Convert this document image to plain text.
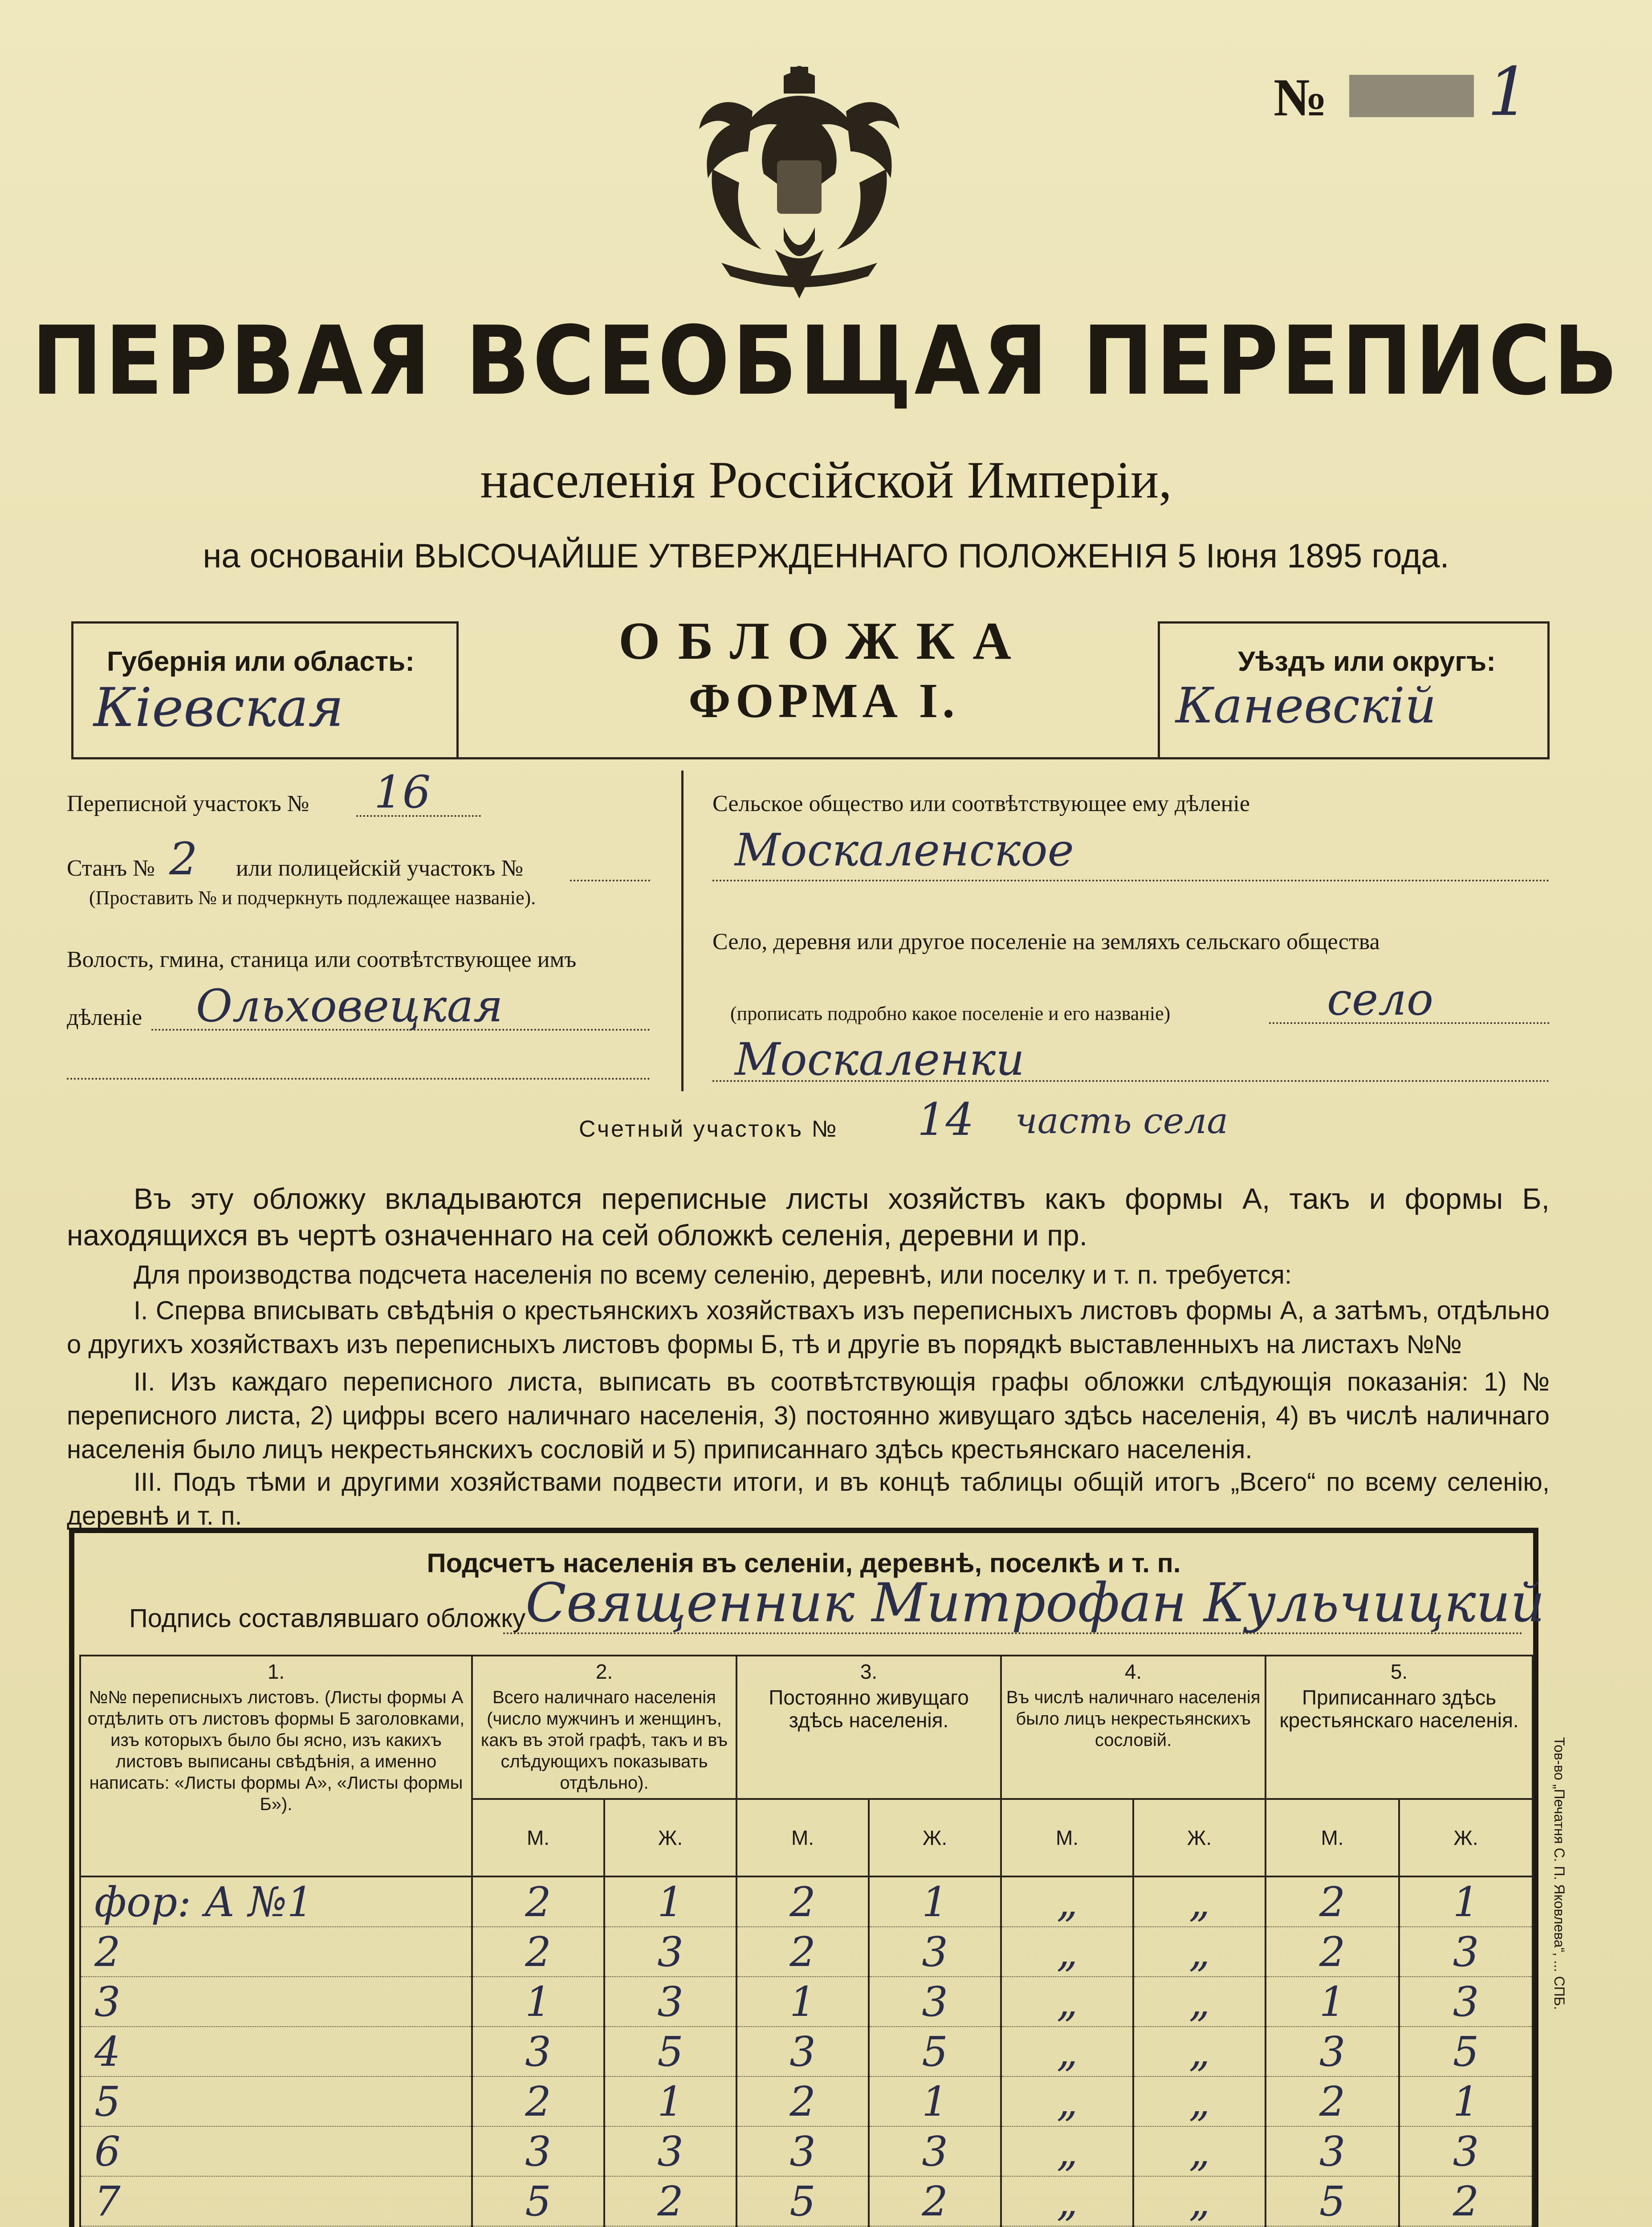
№ 1
ПЕРВАЯ ВСЕОБЩАЯ ПЕРЕПИСЬ
населенія Россійской Имперіи,
на основаніи ВЫСОЧАЙШЕ УТВЕРЖДЕННАГО ПОЛОЖЕНІЯ 5 Іюня 1895 года.
Губернія или область:
Кіевская
ОБЛОЖКА
ФОРМА I.
Уѣздъ или округъ:
Каневскій
Переписной участокъ № 16
Станъ № 2 или полицейскій участокъ №
(Проставить № и подчеркнуть подлежащее названіе).
Волость, гмина, станица или соотвѣтствующее имъ
дѣленіе Ольховецкая
Сельское общество или соотвѣтствующее ему дѣленіе
Москаленское
Село, деревня или другое поселеніе на земляхъ сельскаго общества
(прописать подробно какое поселеніе и его названіе)	село
Москаленки
Счетный участокъ № 14 часть села
Въ эту обложку вкладываются переписные листы хозяйствъ какъ формы А, такъ и формы Б, находящихся въ чертѣ означеннаго на сей обложкѣ селенія, деревни и пр.
Для производства подсчета населенія по всему селенію, деревнѣ, или поселку и т. п. требуется:
I. Сперва вписывать свѣдѣнія о крестьянскихъ хозяйствахъ изъ переписныхъ листовъ формы А, а затѣмъ, отдѣльно о другихъ хозяйствахъ изъ переписныхъ листовъ формы Б, тѣ и другіе въ порядкѣ выставленныхъ на листахъ №№
II. Изъ каждаго переписного листа, выписать въ соотвѣтствующія графы обложки слѣдующія показанія: 1) № переписного листа, 2) цифры всего наличнаго населенія, 3) постоянно живущаго здѣсь населенія, 4) въ числѣ наличнаго населенія было лицъ некрестьянскихъ сословій и 5) приписаннаго здѣсь крестьянскаго населенія.
III. Подъ тѣми и другими хозяйствами подвести итоги, и въ концѣ таблицы общій итогъ „Всего“ по всему селенію, деревнѣ и т. п.
Подсчетъ населенія въ селеніи, деревнѣ, поселкѣ и т. п.
Подпись составлявшаго обложку Священник Митрофан Кульчицкий
1.
№№ переписныхъ листовъ. (Листы формы А отдѣлить отъ листовъ формы Б заголовками, изъ которыхъ было бы ясно, изъ какихъ листовъ выписаны свѣдѣнія, а именно написать: «Листы формы А», «Листы формы Б»).	2.
Всего наличнаго населенія (число мужчинъ и женщинъ, какъ въ этой графѣ, такъ и въ слѣдующихъ показывать отдѣльно).		3.
Постоянно живущаго здѣсь населенія.		4.
Въ числѣ наличнаго населенія было лицъ некрестьянскихъ сословій.		5.
Приписаннаго здѣсь крестьянскаго населенія.	
	М.	Ж.	М.	Ж.	М.	Ж.	М.	Ж.
фор: А №1	2	1	2	1	„	„	2	1
2	2	3	2	3	„	„	2	3
3	1	3	1	3	„	„	1	3
4	3	5	3	5	„	„	3	5
5	2	1	2	1	„	„	2	1
6	3	3	3	3	„	„	3	3
7	5	2	5	2	„	„	5	2

Тов-во „Печатня С. П. Яковлева“, ... СПБ.
